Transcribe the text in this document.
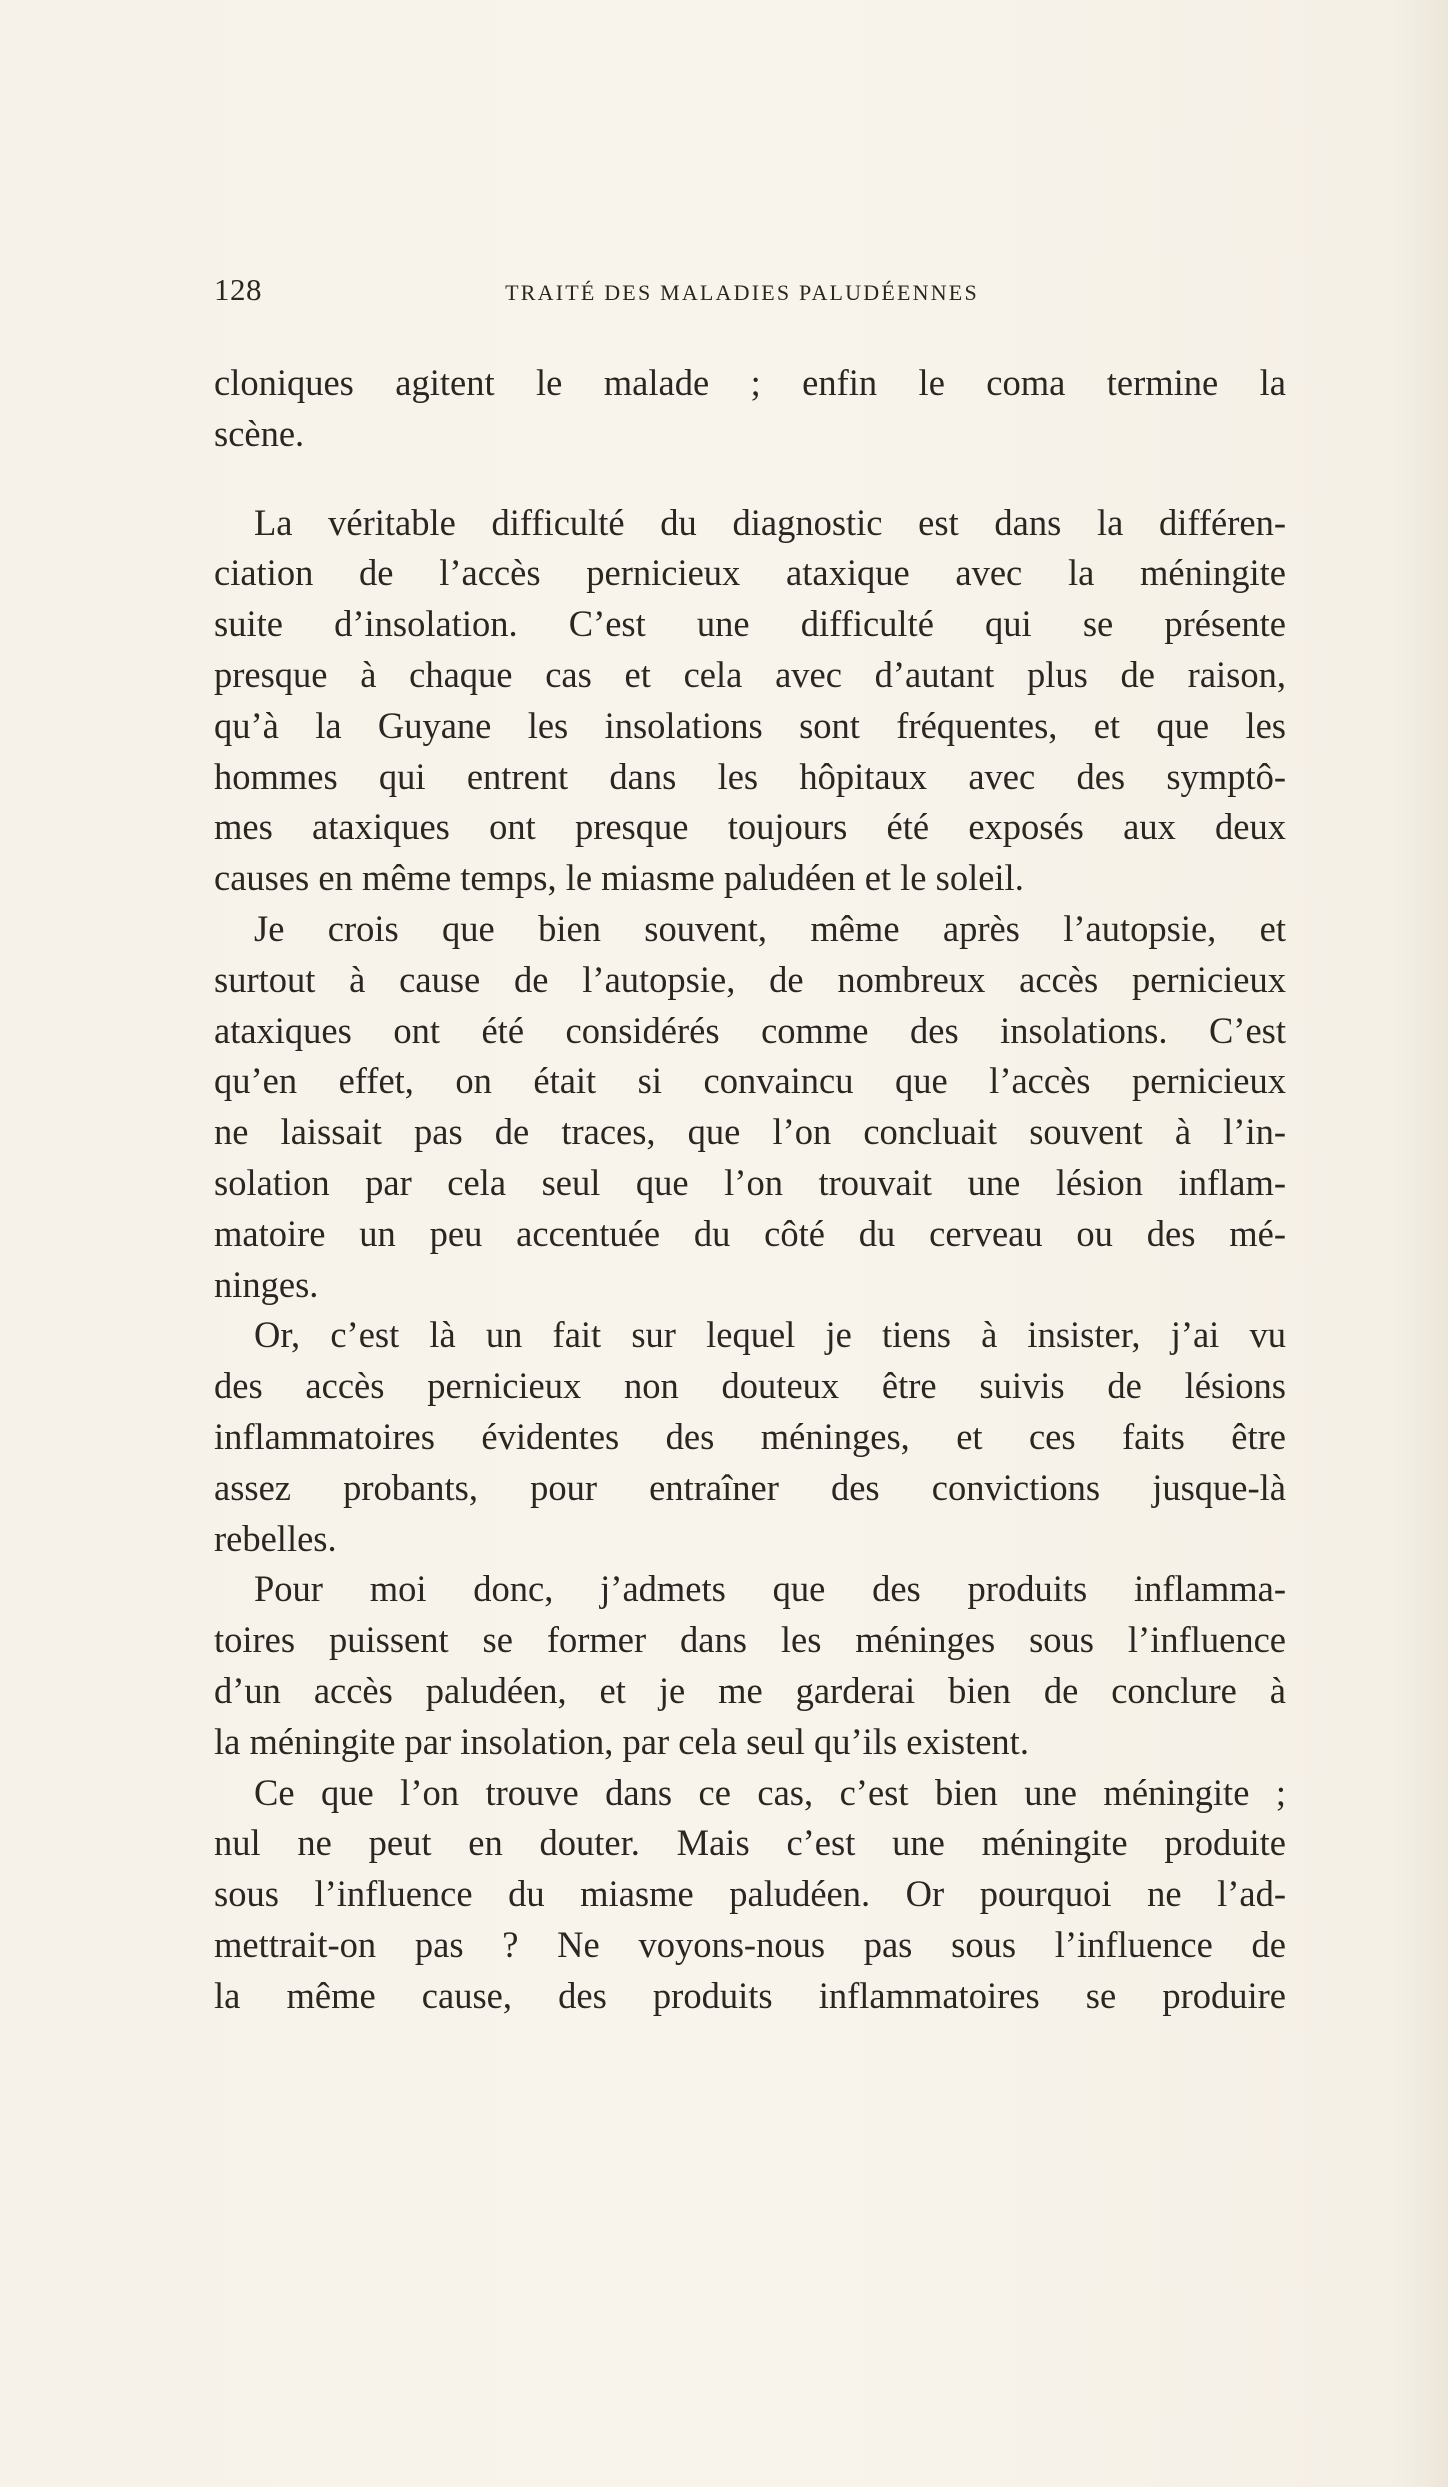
128	TRAITÉ DES MALADIES PALUDÉENNES
cloniques agitent le malade ; enfin le coma termine la
scène.
La véritable difficulté du diagnostic est dans la différen-
ciation de l’accès pernicieux ataxique avec la méningite
suite d’insolation. C’est une difficulté qui se présente
presque à chaque cas et cela avec d’autant plus de raison,
qu’à la Guyane les insolations sont fréquentes, et que les
hommes qui entrent dans les hôpitaux avec des symptô-
mes ataxiques ont presque toujours été exposés aux deux
causes en même temps, le miasme paludéen et le soleil.
Je crois que bien souvent, même après l’autopsie, et
surtout à cause de l’autopsie, de nombreux accès pernicieux
ataxiques ont été considérés comme des insolations. C’est
qu’en effet, on était si convaincu que l’accès pernicieux
ne laissait pas de traces, que l’on concluait souvent à l’in-
solation par cela seul que l’on trouvait une lésion inflam-
matoire un peu accentuée du côté du cerveau ou des mé-
ninges.
Or, c’est là un fait sur lequel je tiens à insister, j’ai vu
des accès pernicieux non douteux être suivis de lésions
inflammatoires évidentes des méninges, et ces faits être
assez probants, pour entraîner des convictions jusque-là
rebelles.
Pour moi donc, j’admets que des produits inflamma-
toires puissent se former dans les méninges sous l’influence
d’un accès paludéen, et je me garderai bien de conclure à
la méningite par insolation, par cela seul qu’ils existent.
Ce que l’on trouve dans ce cas, c’est bien une méningite ;
nul ne peut en douter. Mais c’est une méningite produite
sous l’influence du miasme paludéen. Or pourquoi ne l’ad-
mettrait-on pas ? Ne voyons-nous pas sous l’influence de
la même cause, des produits inflammatoires se produire
